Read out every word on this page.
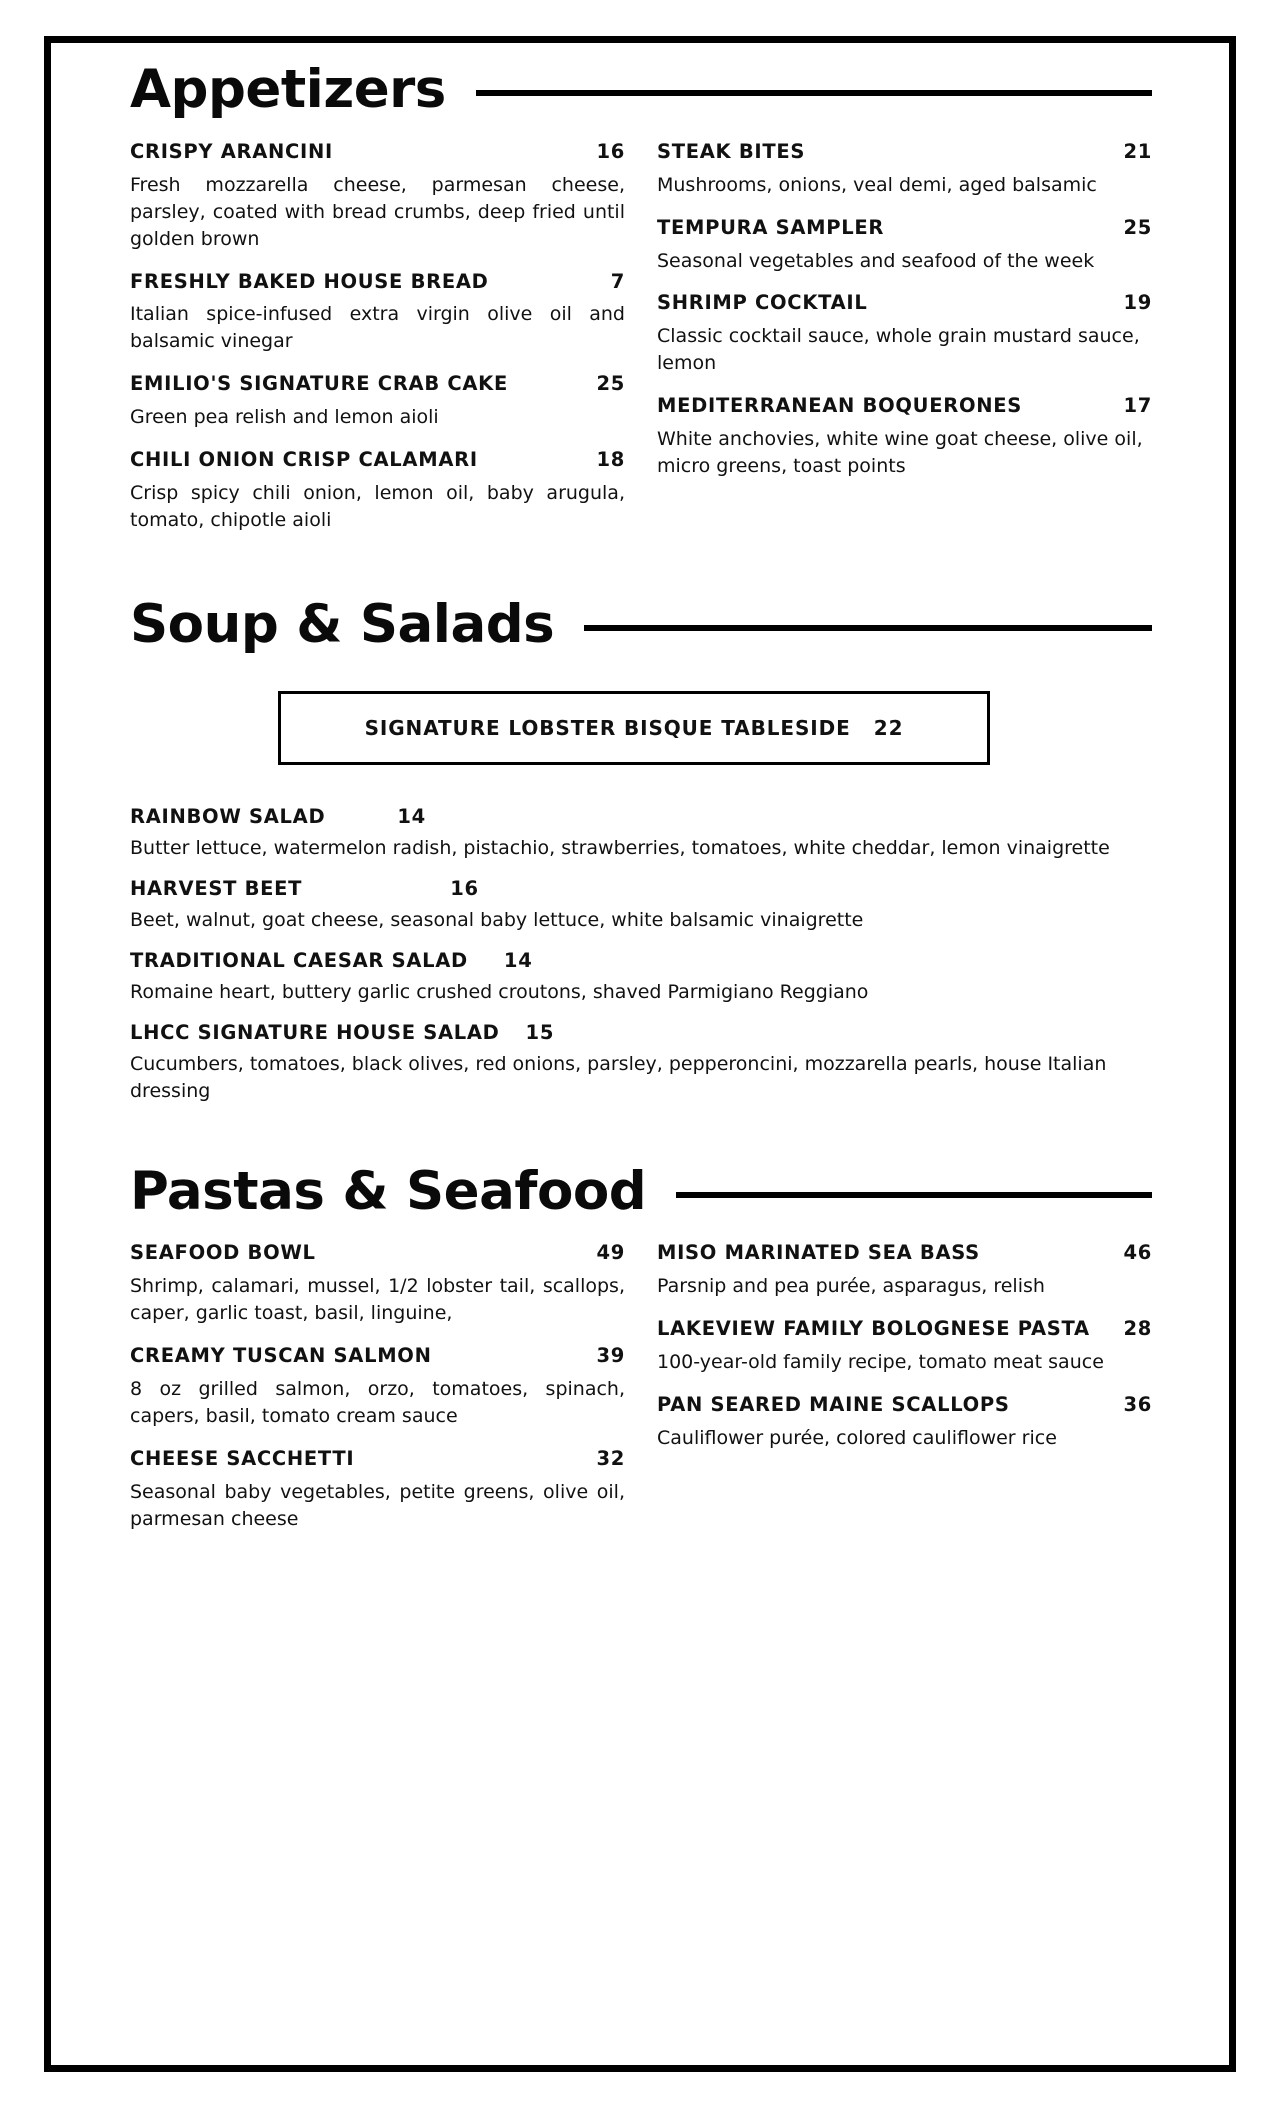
Appetizers
CRISPY ARANCINI	16
Fresh mozzarella cheese, parmesan cheese, parsley, coated with bread crumbs, deep fried until golden brown
FRESHLY BAKED HOUSE BREAD	7
Italian spice-infused extra virgin olive oil and balsamic vinegar
EMILIO'S SIGNATURE CRAB CAKE	25
Green pea relish and lemon aioli
CHILI ONION CRISP CALAMARI	18
Crisp spicy chili onion, lemon oil, baby arugula, tomato, chipotle aioli
STEAK BITES	21
Mushrooms, onions, veal demi, aged balsamic
TEMPURA SAMPLER	25
Seasonal vegetables and seafood of the week
SHRIMP COCKTAIL	19
Classic cocktail sauce, whole grain mustard sauce, lemon
MEDITERRANEAN BOQUERONES	17
White anchovies, white wine goat cheese, olive oil, micro greens, toast points
Soup & Salads
SIGNATURE LOBSTER BISQUE TABLESIDE 22
RAINBOW SALAD	14
Butter lettuce, watermelon radish, pistachio, strawberries, tomatoes, white cheddar, lemon vinaigrette
HARVEST BEET	16
Beet, walnut, goat cheese, seasonal baby lettuce, white balsamic vinaigrette
TRADITIONAL CAESAR SALAD 14
Romaine heart, buttery garlic crushed croutons, shaved Parmigiano Reggiano
LHCC SIGNATURE HOUSE SALAD 15
Cucumbers, tomatoes, black olives, red onions, parsley, pepperoncini, mozzarella pearls, house Italian dressing
Pastas & Seafood
SEAFOOD BOWL	49
Shrimp, calamari, mussel, 1/2 lobster tail, scallops, caper, garlic toast, basil, linguine,
CREAMY TUSCAN SALMON	39
8 oz grilled salmon, orzo, tomatoes, spinach, capers, basil, tomato cream sauce
CHEESE SACCHETTI	32
Seasonal baby vegetables, petite greens, olive oil, parmesan cheese
MISO MARINATED SEA BASS	46
Parsnip and pea purée, asparagus, relish
LAKEVIEW FAMILY BOLOGNESE PASTA	28
100-year-old family recipe, tomato meat sauce
PAN SEARED MAINE SCALLOPS	36
Cauliflower purée, colored cauliflower rice
